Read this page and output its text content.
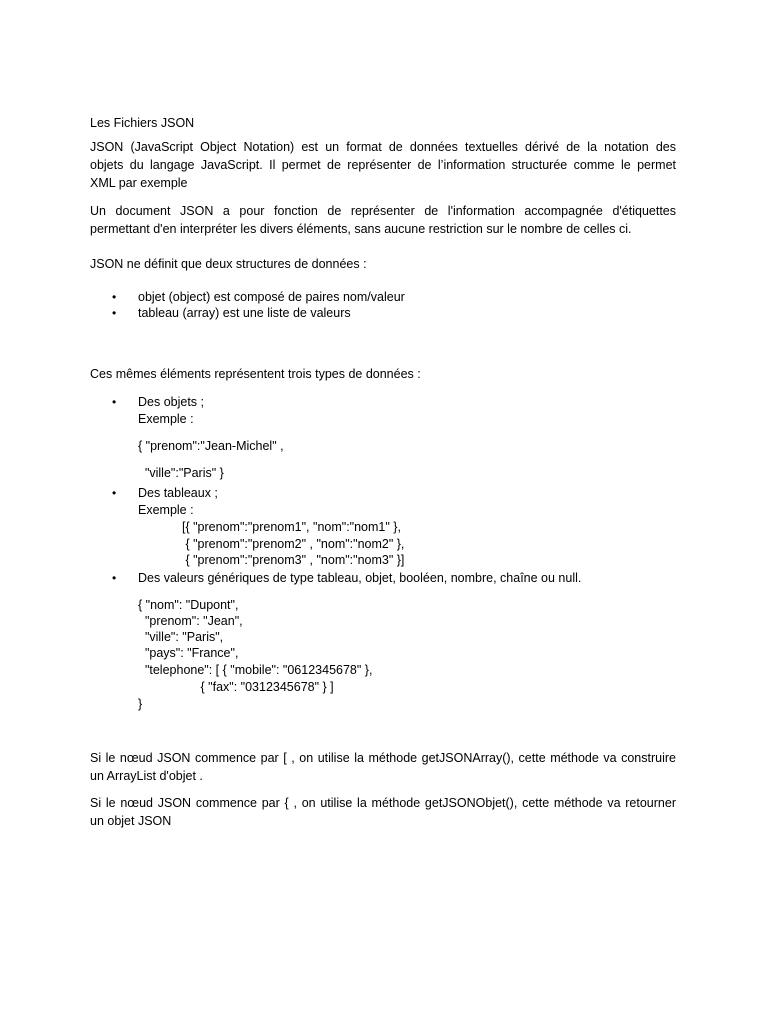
Les Fichiers JSON
JSON (JavaScript Object Notation) est un format de données textuelles dérivé de la notation des
objets du langage JavaScript. Il permet de représenter de l’information structurée comme le permet
XML par exemple
Un document JSON a pour fonction de représenter de l'information accompagnée d'étiquettes
permettant d'en interpréter les divers éléments, sans aucune restriction sur le nombre de celles ci.
JSON ne définit que deux structures de données :
• objet (object) est composé de paires nom/valeur
• tableau (array) est une liste de valeurs
Ces mêmes éléments représentent trois types de données :
• Des objets ;
Exemple :
{ "prenom":"Jean-Michel" ,
"ville":"Paris" }
• Des tableaux ;
Exemple :
[{ "prenom":"prenom1", "nom":"nom1" },
{ "prenom":"prenom2" , "nom":"nom2" },
{ "prenom":"prenom3" , "nom":"nom3" }]
• Des valeurs génériques de type tableau, objet, booléen, nombre, chaîne ou null.
{ "nom": "Dupont",
"prenom": "Jean",
"ville": "Paris",
"pays": "France",
"telephone": [ { "mobile": "0612345678" },
{ "fax": "0312345678" } ]
}
Si le nœud JSON commence par [ , on utilise la méthode getJSONArray(), cette méthode va construire
un ArrayList d'objet .
Si le nœud JSON commence par { , on utilise la méthode getJSONObjet(), cette méthode va retourner
un objet JSON
